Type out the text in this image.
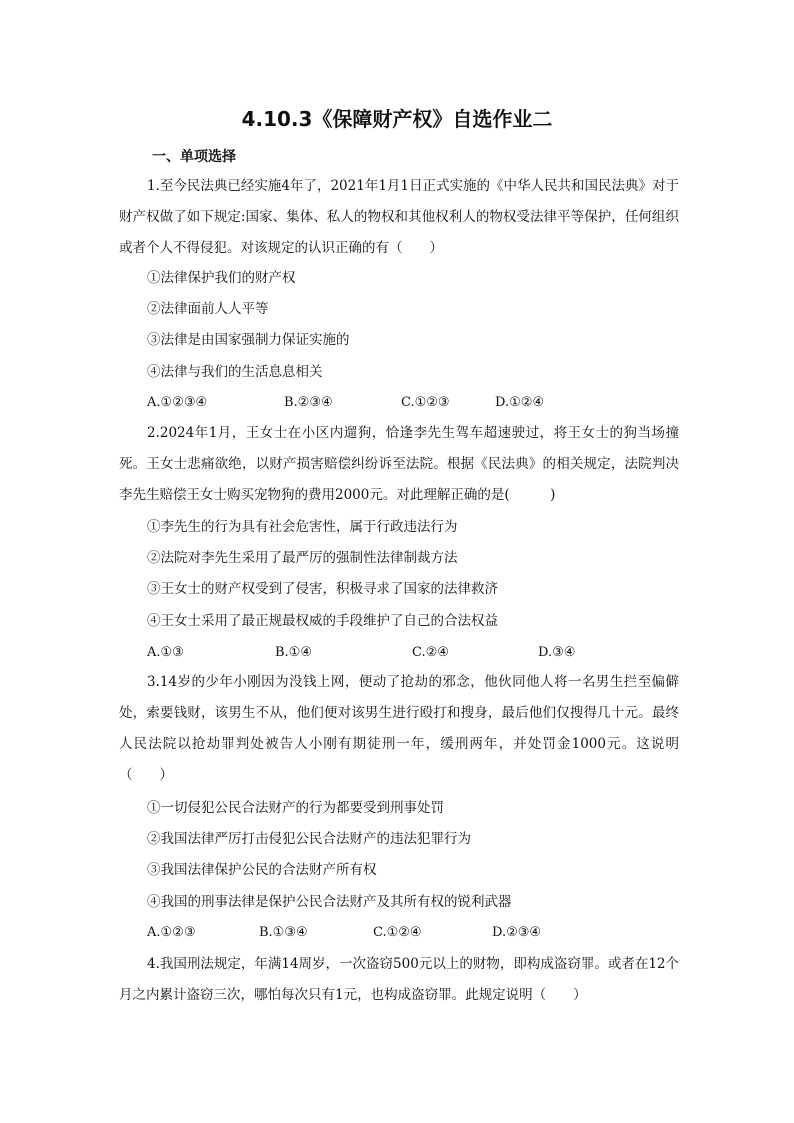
4.10.3《保障财产权》自选作业二
一、单项选择

1.至今民法典已经实施4年了，2021年1月1日正式实施的《中华人民共和国民法典》对于财产权做了如下规定:国家、集体、私人的物权和其他权利人的物权受法律平等保护，任何组织或者个人不得侵犯。对该规定的认识正确的有（　　）

①法律保护我们的财产权
②法律面前人人平等
③法律是由国家强制力保证实施的
④法律与我们的生活息息相关
A.①②③④	B.②③④	C.①②③	D.①②④

2.2024年1月，王女士在小区内遛狗，恰逢李先生驾车超速驶过，将王女士的狗当场撞死。王女士悲痛欲绝，以财产损害赔偿纠纷诉至法院。根据《民法典》的相关规定，法院判决李先生赔偿王女士购买宠物狗的费用2000元。对此理解正确的是(　　　)

①李先生的行为具有社会危害性，属于行政违法行为
②法院对李先生采用了最严厉的强制性法律制裁方法
③王女士的财产权受到了侵害，积极寻求了国家的法律救济
④王女士采用了最正规最权威的手段维护了自己的合法权益
A.①③	B.①④	C.②④	D.③④

3.14岁的少年小刚因为没钱上网，便动了抢劫的邪念，他伙同他人将一名男生拦至偏僻处，索要钱财，该男生不从，他们便对该男生进行殴打和搜身，最后他们仅搜得几十元。最终人民法院以抢劫罪判处被告人小刚有期徒刑一年，缓刑两年，并处罚金1000元。这说明（　　）

①一切侵犯公民合法财产的行为都要受到刑事处罚
②我国法律严厉打击侵犯公民合法财产的违法犯罪行为
③我国法律保护公民的合法财产所有权
④我国的刑事法律是保护公民合法财产及其所有权的锐利武器
A.①②③	B.①③④	C.①②④	D.②③④

4.我国刑法规定，年满14周岁，一次盗窃500元以上的财物，即构成盗窃罪。或者在12个月之内累计盗窃三次，哪怕每次只有1元，也构成盗窃罪。此规定说明（　　）
